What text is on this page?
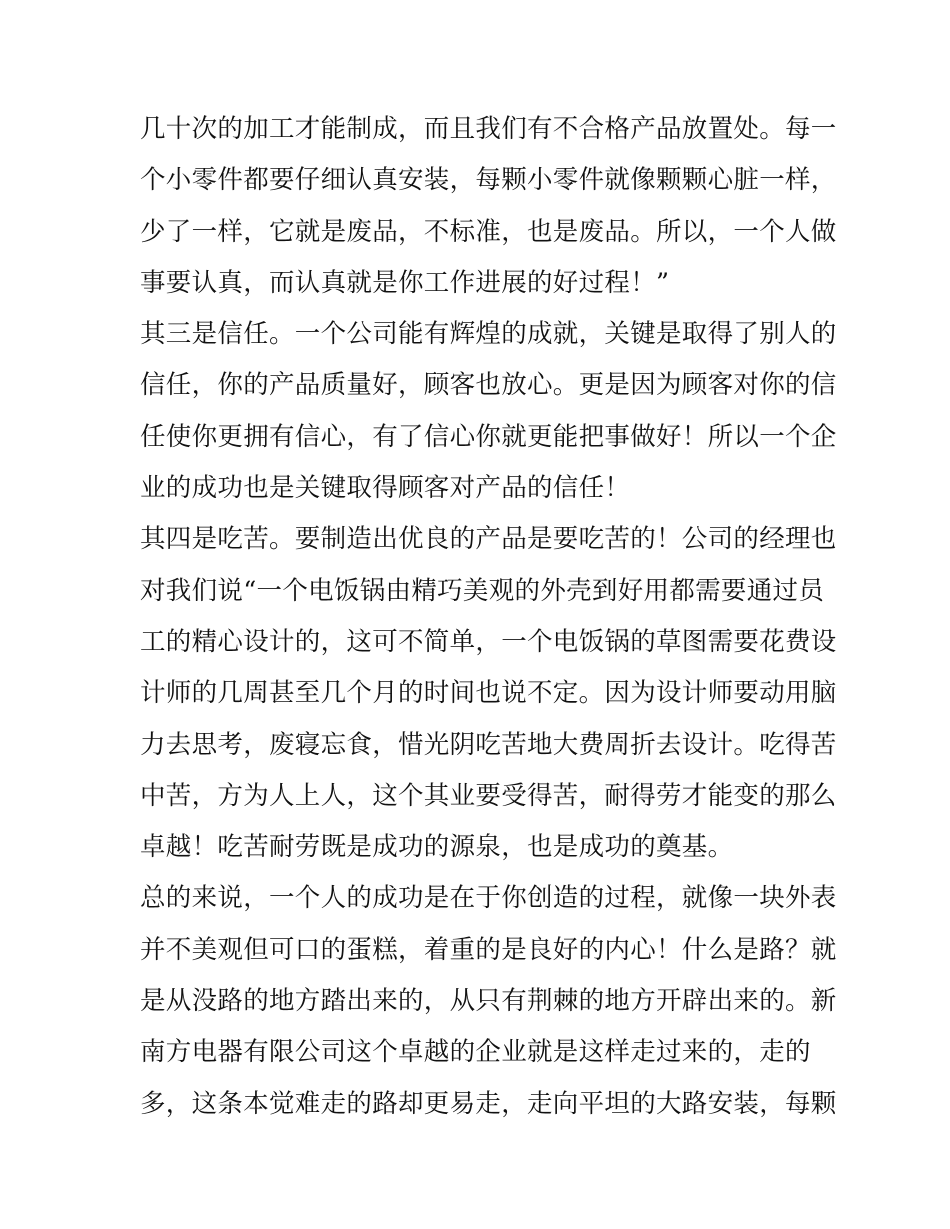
几十次的加工才能制成，而且我们有不合格产品放置处。每一
个小零件都要仔细认真安装，每颗小零件就像颗颗心脏一样，
少了一样，它就是废品，不标准，也是废品。所以，一个人做
事要认真，而认真就是你工作进展的好过程！”
其三是信任。一个公司能有辉煌的成就，关键是取得了别人的
信任，你的产品质量好，顾客也放心。更是因为顾客对你的信
任使你更拥有信心，有了信心你就更能把事做好！所以一个企
业的成功也是关键取得顾客对产品的信任！
其四是吃苦。要制造出优良的产品是要吃苦的！公司的经理也
对我们说“一个电饭锅由精巧美观的外壳到好用都需要通过员
工的精心设计的，这可不简单，一个电饭锅的草图需要花费设
计师的几周甚至几个月的时间也说不定。因为设计师要动用脑
力去思考，废寝忘食，惜光阴吃苦地大费周折去设计。吃得苦
中苦，方为人上人，这个其业要受得苦，耐得劳才能变的那么
卓越！吃苦耐劳既是成功的源泉，也是成功的奠基。
总的来说，一个人的成功是在于你创造的过程，就像一块外表
并不美观但可口的蛋糕，着重的是良好的内心！什么是路？就
是从没路的地方踏出来的，从只有荆棘的地方开辟出来的。新
南方电器有限公司这个卓越的企业就是这样走过来的，走的
多，这条本觉难走的路却更易走，走向平坦的大路安装，每颗
